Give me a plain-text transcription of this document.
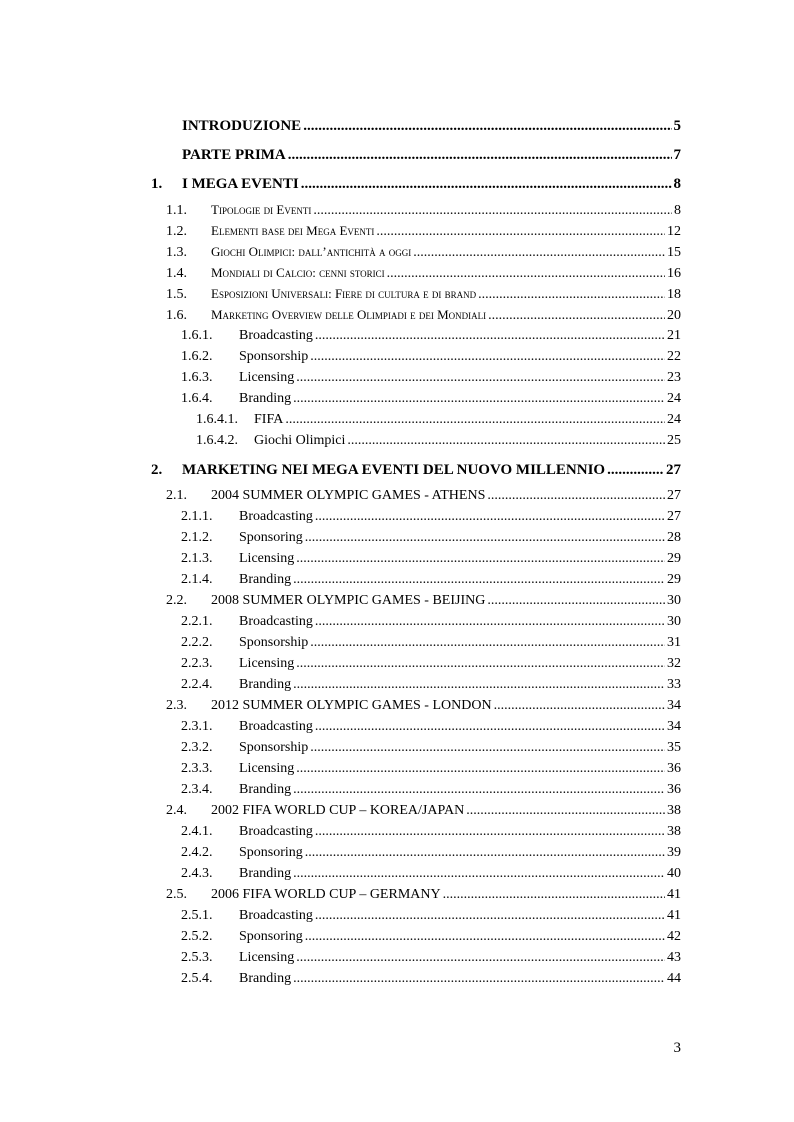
INTRODUZIONE .....	5
PARTE PRIMA .....	7
1.	I MEGA EVENTI .....	8
1.1.	Tipologie di Eventi .....	8
1.2.	Elementi base dei Mega Eventi .....	12
1.3.	Giochi Olimpici: dall’antichità a oggi .....	15
1.4.	Mondiali di Calcio: cenni storici .....	16
1.5.	Esposizioni Universali: Fiere di cultura e di brand .....	18
1.6.	Marketing Overview delle Olimpiadi e dei Mondiali .....	20
1.6.1.	Broadcasting .....	21
1.6.2.	Sponsorship .....	22
1.6.3.	Licensing .....	23
1.6.4.	Branding .....	24
1.6.4.1.	FIFA .....	24
1.6.4.2.	Giochi Olimpici .....	25
2.	MARKETING NEI MEGA EVENTI DEL NUOVO MILLENNIO .....	27
2.1.	2004 SUMMER OLYMPIC GAMES - ATHENS .....	27
2.1.1.	Broadcasting .....	27
2.1.2.	Sponsoring .....	28
2.1.3.	Licensing .....	29
2.1.4.	Branding .....	29
2.2.	2008 SUMMER OLYMPIC GAMES - BEIJING .....	30
2.2.1.	Broadcasting .....	30
2.2.2.	Sponsorship .....	31
2.2.3.	Licensing .....	32
2.2.4.	Branding .....	33
2.3.	2012 SUMMER OLYMPIC GAMES - LONDON .....	34
2.3.1.	Broadcasting .....	34
2.3.2.	Sponsorship .....	35
2.3.3.	Licensing .....	36
2.3.4.	Branding .....	36
2.4.	2002 FIFA WORLD CUP – KOREA/JAPAN .....	38
2.4.1.	Broadcasting .....	38
2.4.2.	Sponsoring .....	39
2.4.3.	Branding .....	40
2.5.	2006 FIFA WORLD CUP – GERMANY .....	41
2.5.1.	Broadcasting .....	41
2.5.2.	Sponsoring .....	42
2.5.3.	Licensing .....	43
2.5.4.	Branding .....	44
3
